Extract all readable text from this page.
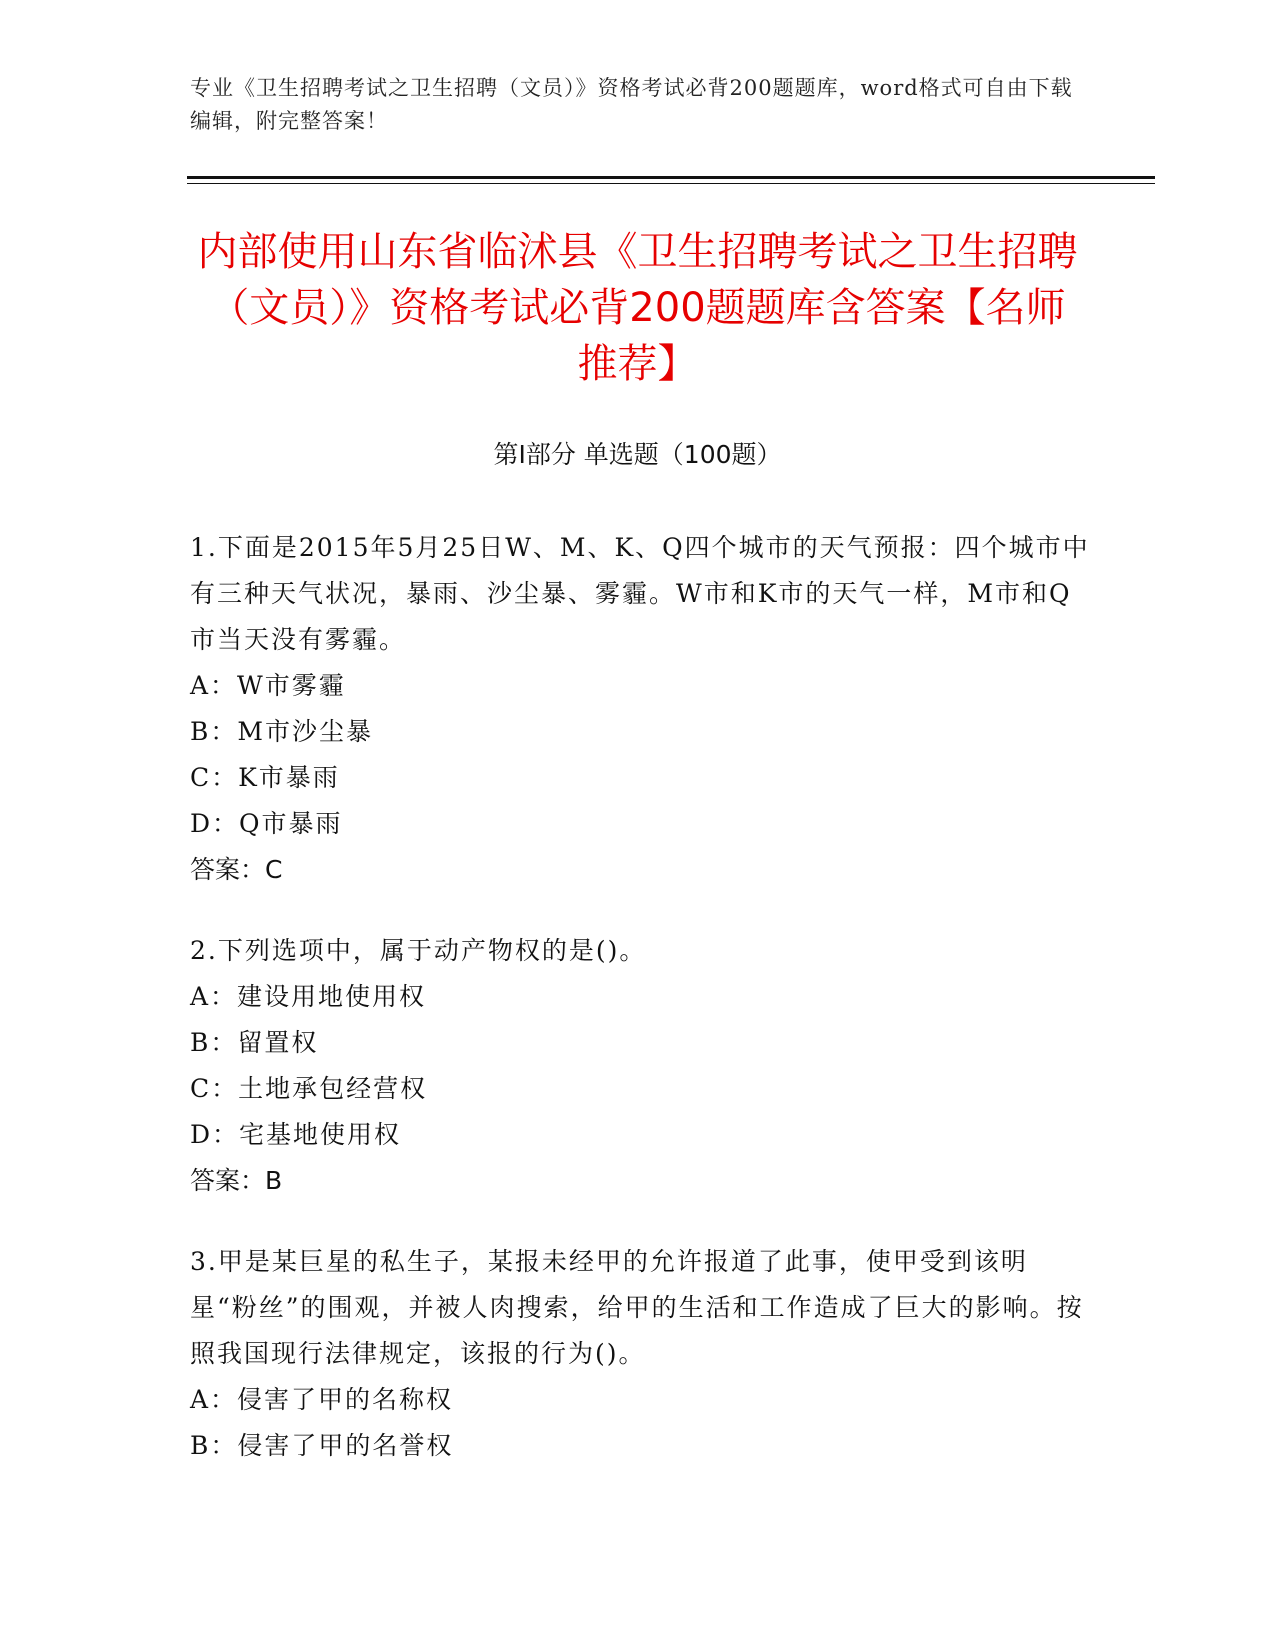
专业《卫生招聘考试之卫生招聘（文员）》资格考试必背200题题库，word格式可自由下载编辑，附完整答案！
内部使用山东省临沭县《卫生招聘考试之卫生招聘（文员）》资格考试必背200题题库含答案【名师推荐】
第Ⅰ部分 单选题（100题）

1.下面是2015年5月25日W、M、K、Q四个城市的天气预报：四个城市中有三种天气状况，暴雨、沙尘暴、雾霾。W市和K市的天气一样，M市和Q市当天没有雾霾。

A：W市雾霾

B：M市沙尘暴

C：K市暴雨

D：Q市暴雨

答案：C

2.下列选项中，属于动产物权的是()。

A：建设用地使用权

B：留置权

C：土地承包经营权

D：宅基地使用权

答案：B

3.甲是某巨星的私生子，某报未经甲的允许报道了此事，使甲受到该明星“粉丝”的围观，并被人肉搜索，给甲的生活和工作造成了巨大的影响。按照我国现行法律规定，该报的行为()。

A：侵害了甲的名称权

B：侵害了甲的名誉权
